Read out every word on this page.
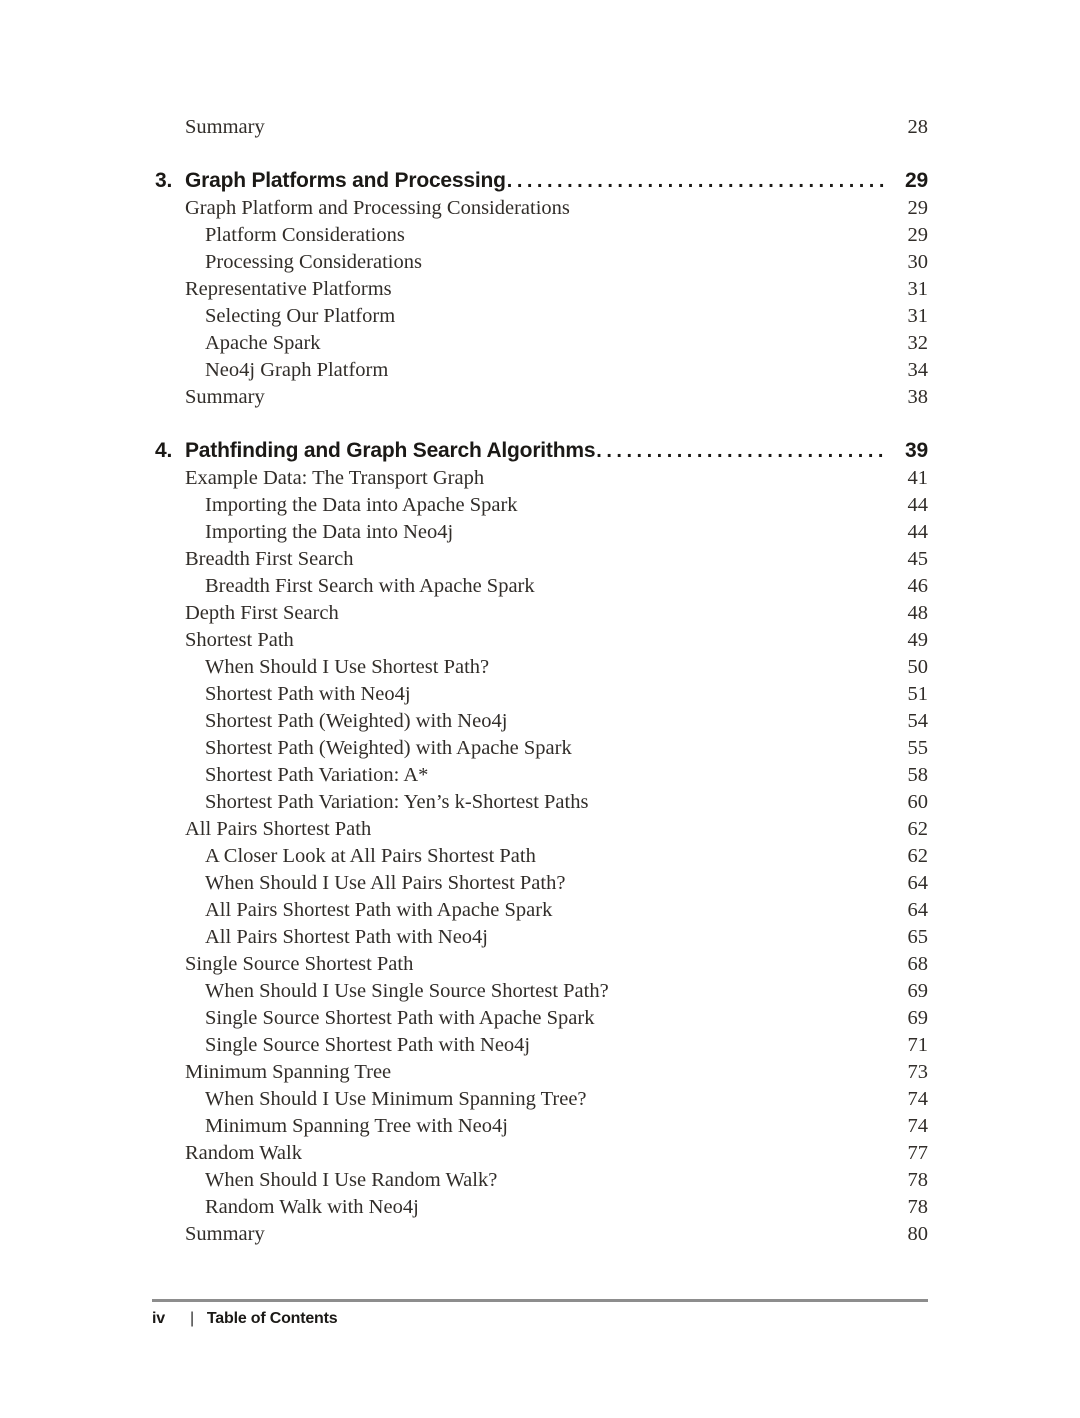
Summary	28
3. Graph Platforms and Processing .....	29
Graph Platform and Processing Considerations	29
Platform Considerations	29
Processing Considerations	30
Representative Platforms	31
Selecting Our Platform	31
Apache Spark	32
Neo4j Graph Platform	34
Summary	38
4. Pathfinding and Graph Search Algorithms .....	39
Example Data: The Transport Graph	41
Importing the Data into Apache Spark	44
Importing the Data into Neo4j	44
Breadth First Search	45
Breadth First Search with Apache Spark	46
Depth First Search	48
Shortest Path	49
When Should I Use Shortest Path?	50
Shortest Path with Neo4j	51
Shortest Path (Weighted) with Neo4j	54
Shortest Path (Weighted) with Apache Spark	55
Shortest Path Variation: A*	58
Shortest Path Variation: Yen’s k-Shortest Paths	60
All Pairs Shortest Path	62
A Closer Look at All Pairs Shortest Path	62
When Should I Use All Pairs Shortest Path?	64
All Pairs Shortest Path with Apache Spark	64
All Pairs Shortest Path with Neo4j	65
Single Source Shortest Path	68
When Should I Use Single Source Shortest Path?	69
Single Source Shortest Path with Apache Spark	69
Single Source Shortest Path with Neo4j	71
Minimum Spanning Tree	73
When Should I Use Minimum Spanning Tree?	74
Minimum Spanning Tree with Neo4j	74
Random Walk	77
When Should I Use Random Walk?	78
Random Walk with Neo4j	78
Summary	80
iv | Table of Contents
